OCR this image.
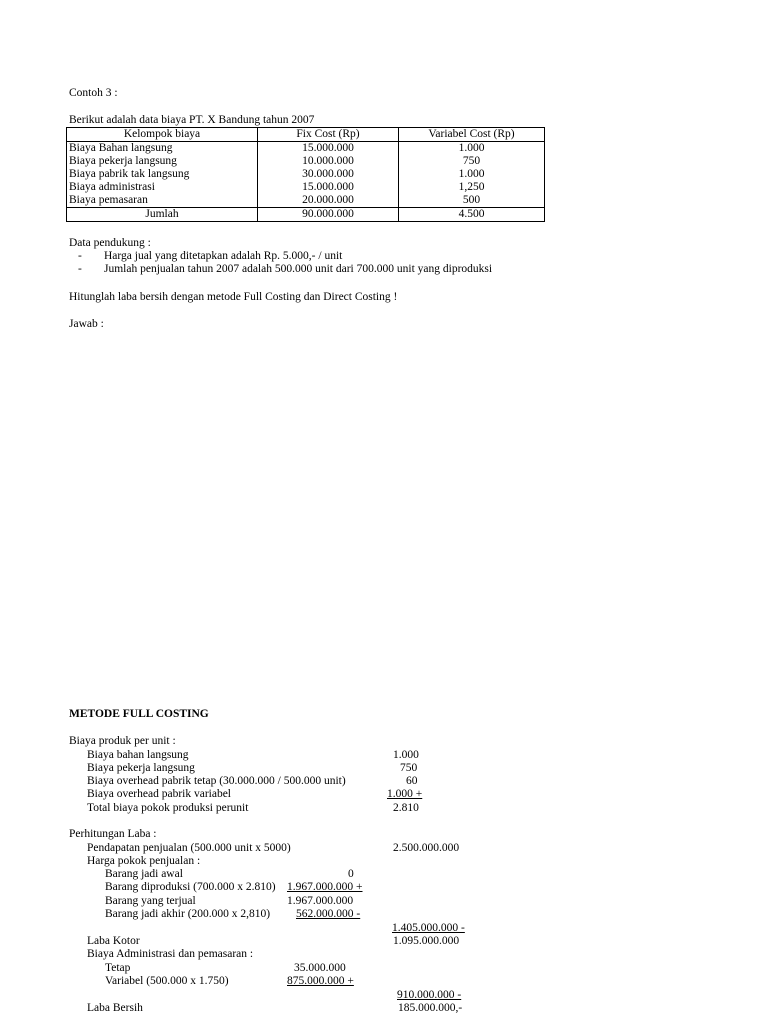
Contoh 3 :
Berikut adalah data biaya PT. X Bandung tahun 2007
Kelompok biaya	Fix Cost (Rp)	Variabel Cost (Rp)
Biaya Bahan langsung	15.000.000	1.000
Biaya pekerja langsung	10.000.000	750
Biaya pabrik tak langsung	30.000.000	1.000
Biaya administrasi	15.000.000	1,250
Biaya pemasaran	20.000.000	500
Jumlah	90.000.000	4.500
Data pendukung :
- Harga jual yang ditetapkan adalah Rp. 5.000,- / unit
- Jumlah penjualan tahun 2007 adalah 500.000 unit dari 700.000 unit yang diproduksi
Hitunglah laba bersih dengan metode Full Costing dan Direct Costing !
Jawab :
METODE FULL COSTING
Biaya produk per unit :
Biaya bahan langsung	1.000
Biaya pekerja langsung	750
Biaya overhead pabrik tetap (30.000.000 / 500.000 unit)	60
Biaya overhead pabrik variabel	1.000 +
Total biaya pokok produksi perunit	2.810
Perhitungan Laba :
Pendapatan penjualan (500.000 unit x 5000)	2.500.000.000
Harga pokok penjualan :
Barang jadi awal	0
Barang diproduksi (700.000 x 2.810) 1.967.000.000 +
Barang yang terjual	1.967.000.000
Barang jadi akhir (200.000 x 2,810)	562.000.000 -
1.405.000.000 -
Laba Kotor	1.095.000.000
Biaya Administrasi dan pemasaran :
Tetap	35.000.000
Variabel (500.000 x 1.750)	875.000.000 +
910.000.000 -
Laba Bersih	185.000.000,-
